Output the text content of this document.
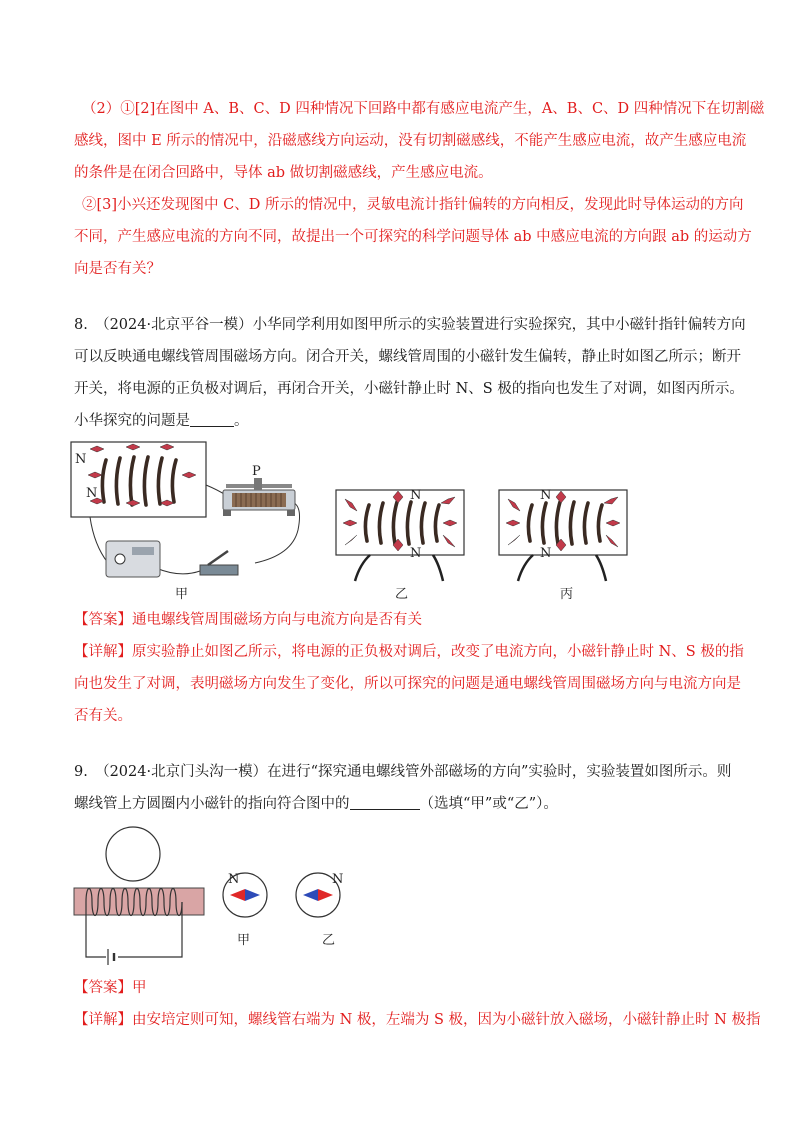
（2）①[2]在图中 A、B、C、D 四种情况下回路中都有感应电流产生，A、B、C、D 四种情况下在切割磁
感线，图中 E 所示的情况中，沿磁感线方向运动，没有切割磁感线，不能产生感应电流，故产生感应电流
的条件是在闭合回路中，导体 ab 做切割磁感线，产生感应电流。
②[3]小兴还发现图中 C、D 所示的情况中，灵敏电流计指针偏转的方向相反，发现此时导体运动的方向
不同，产生感应电流的方向不同，故提出一个可探究的科学问题导体 ab 中感应电流的方向跟 ab 的运动方
向是否有关？
8.　（2024·北京平谷一模）小华同学利用如图甲所示的实验装置进行实验探究，其中小磁针指针偏转方向
可以反映通电螺线管周围磁场方向。闭合开关，螺线管周围的小磁针发生偏转，静止时如图乙所示；断开
开关，将电源的正负极对调后，再闭合开关，小磁针静止时 N、S 极的指向也发生了对调，如图丙所示。
小华探究的问题是	。
N
N
P
甲
N
N
乙
N
N
丙
【答案】通电螺线管周围磁场方向与电流方向是否有关
【详解】原实验静止如图乙所示，将电源的正负极对调后，改变了电流方向，小磁针静止时 N、S 极的指
向也发生了对调，表明磁场方向发生了变化，所以可探究的问题是通电螺线管周围磁场方向与电流方向是
否有关。
9.　（2024·北京门头沟一模）在进行“探究通电螺线管外部磁场的方向”实验时，实验装置如图所示。则
螺线管上方圆圈内小磁针的指向符合图中的	（选填“甲”或“乙”）。
N
甲
N
乙
【答案】甲
【详解】由安培定则可知，螺线管右端为 N 极，左端为 S 极，因为小磁针放入磁场，小磁针静止时 N 极指
